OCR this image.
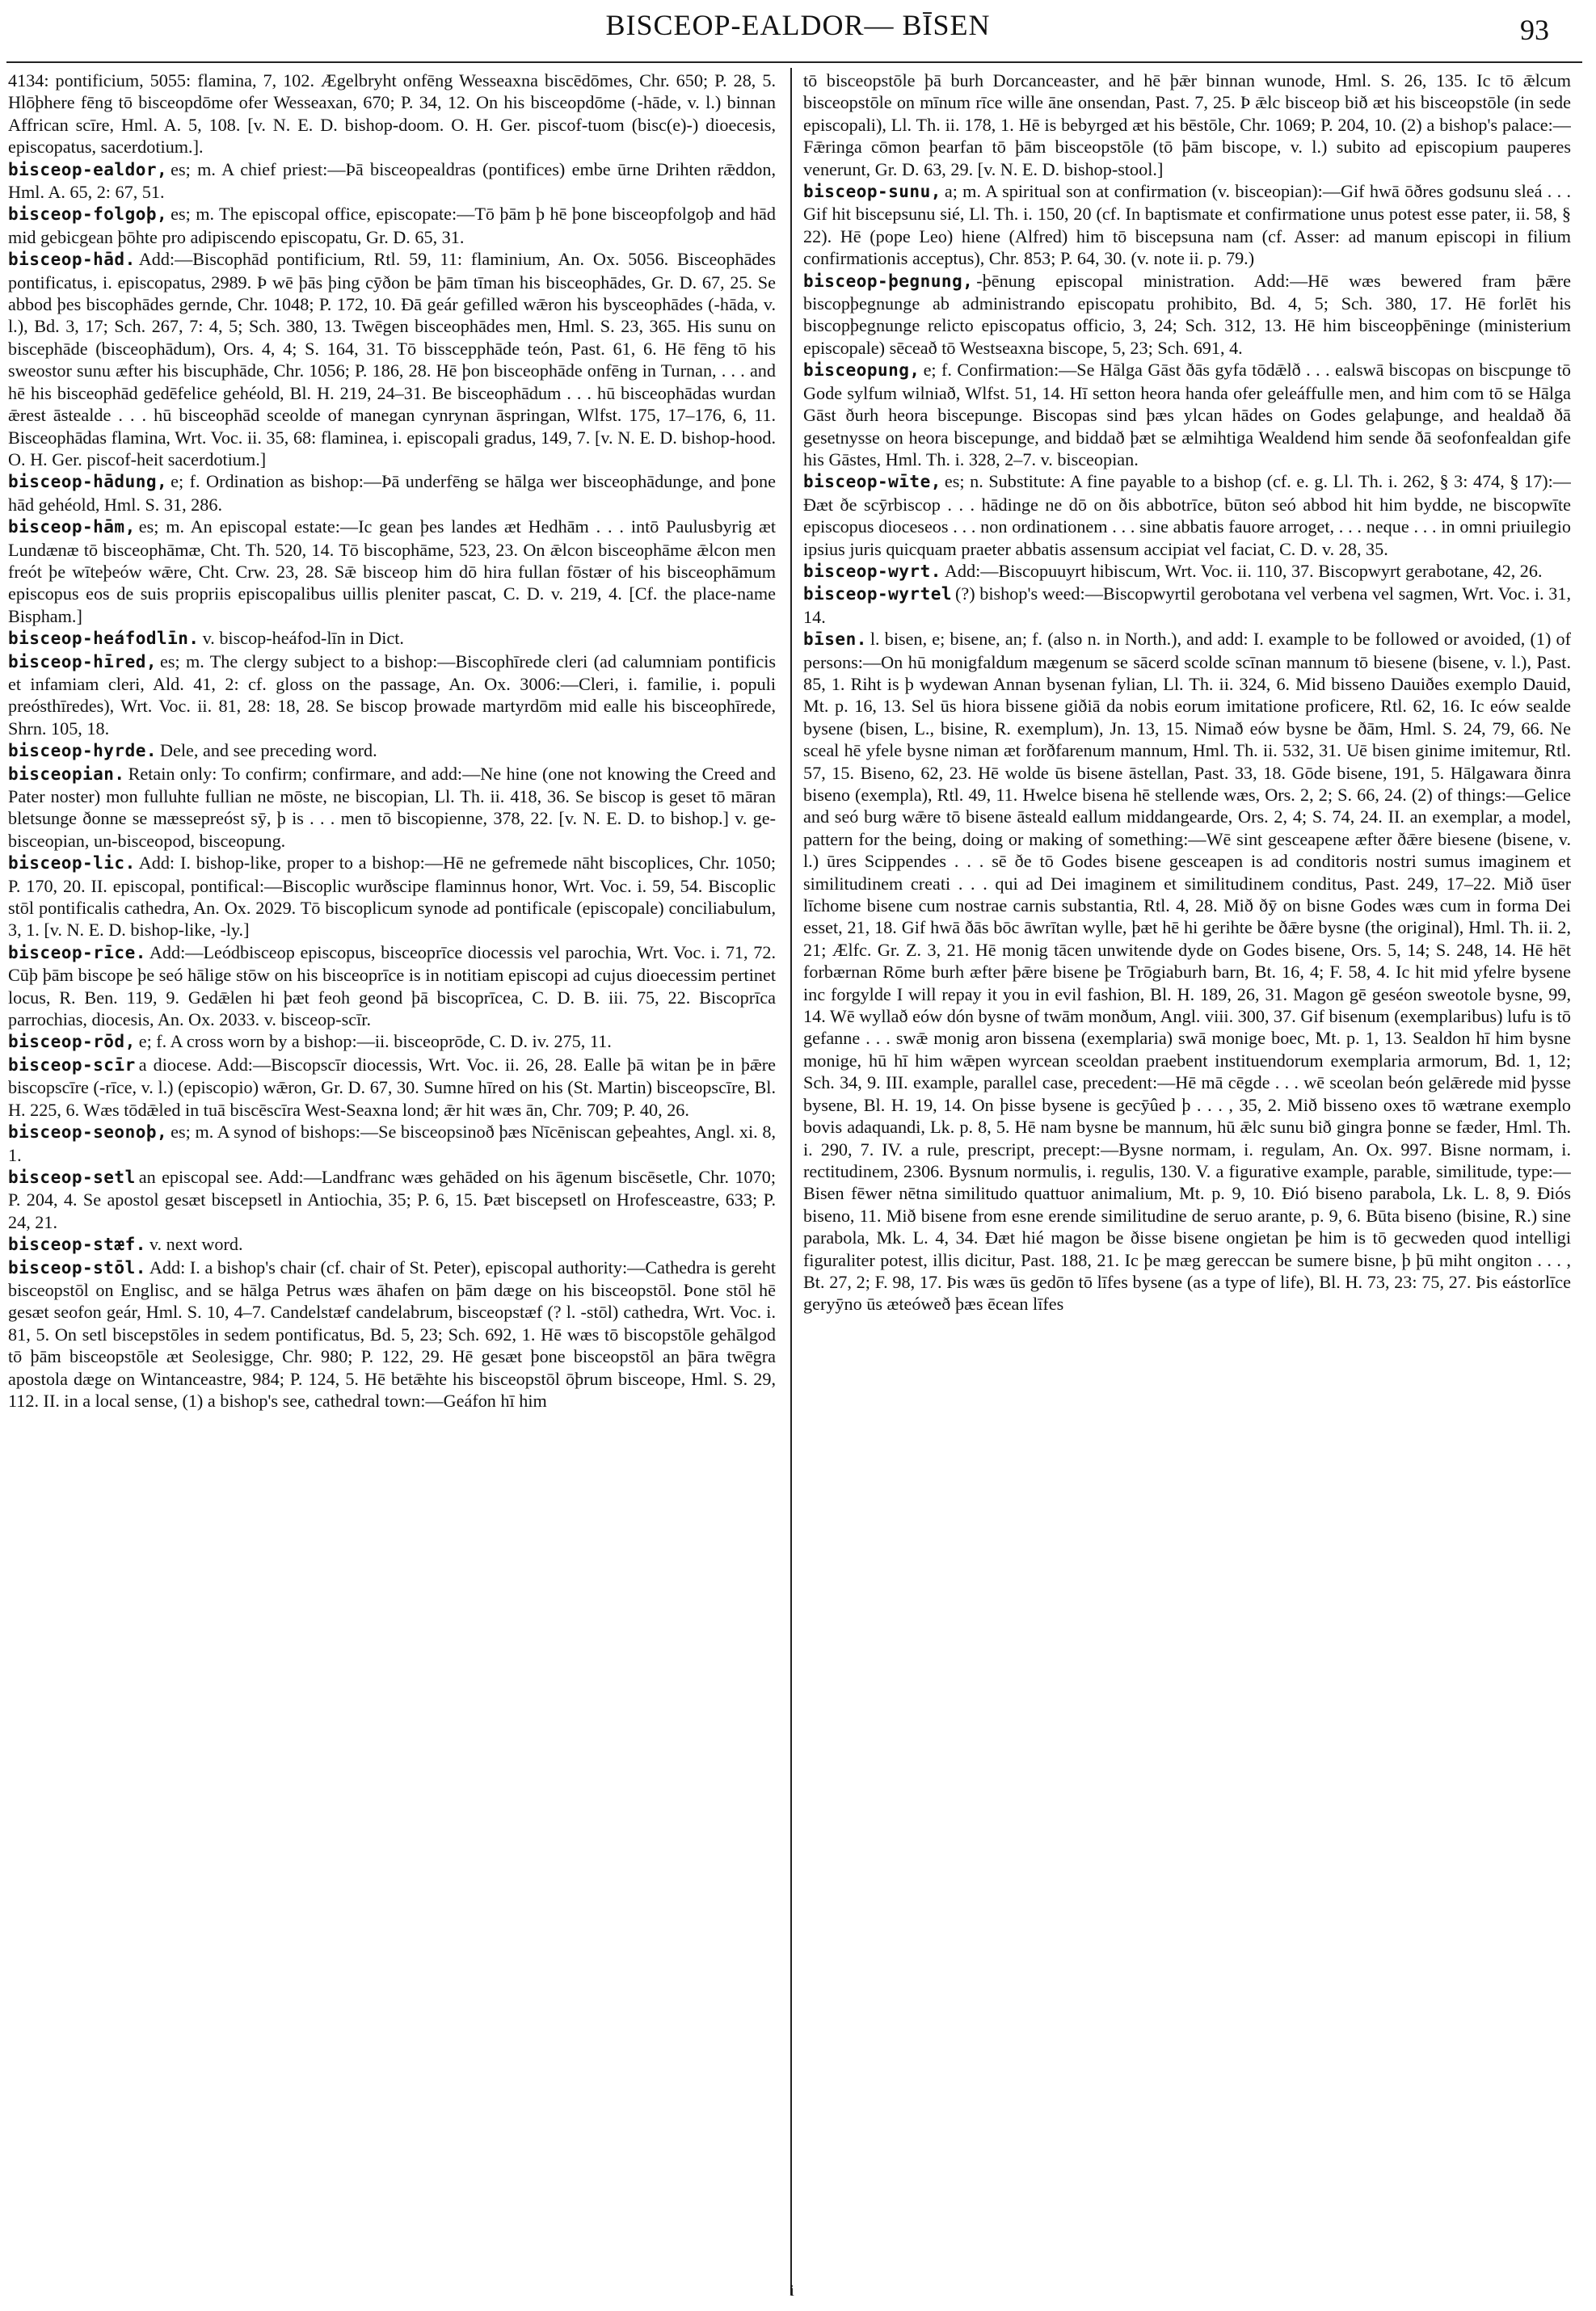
BISCEOP-EALDOR— BĪSEN	93

4134: pontificium, 5055: flamina, 7, 102. Ægelbryht onfēng Wesseaxna biscēdōmes, Chr. 650; P. 28, 5. Hlōþhere fēng tō bisceopdōme ofer Wesseaxan, 670; P. 34, 12. On his bisceopdōme (-hāde, v. l.) binnan Affrican scīre, Hml. A. 5, 108. [v. N. E. D. bishop-doom. O. H. Ger. piscof-tuom (bisc(e)-) dioecesis, episcopatus, sacerdotium.].

bisceop-ealdor, es; m. A chief priest:—Þā bisceopealdras (pontifices) embe ūrne Drihten rǣddon, Hml. A. 65, 2: 67, 51.

bisceop-folgoþ, es; m. The episcopal office, episcopate:—Tō þām þ hē þone bisceopfolgoþ and hād mid gebicgean þōhte pro adipiscendo episcopatu, Gr. D. 65, 31.

bisceop-hād. Add:—Biscophād pontificium, Rtl. 59, 11: flaminium, An. Ox. 5056. Bisceophādes pontificatus, i. episcopatus, 2989. Þ wē þās þing cȳðon be þām tīman his bisceophādes, Gr. D. 67, 25. Se abbod þes biscophādes gernde, Chr. 1048; P. 172, 10. Ðā geár gefilled wǣron his bysceophādes (-hāda, v. l.), Bd. 3, 17; Sch. 267, 7: 4, 5; Sch. 380, 13. Twēgen bisceophādes men, Hml. S. 23, 365. His sunu on biscephāde (bisceophādum), Ors. 4, 4; S. 164, 31. Tō bisscepphāde teón, Past. 61, 6. Hē fēng tō his sweostor sunu æfter his biscuphāde, Chr. 1056; P. 186, 28. Hē þon bisceophāde onfēng in Turnan, . . . and hē his bisceophād gedēfelice gehéold, Bl. H. 219, 24–31. Be bisceophādum . . . hū bisceophādas wurdan ǣrest āstealde . . . hū bisceophād sceolde of manegan cynrynan āspringan, Wlfst. 175, 17–176, 6, 11. Bisceophādas flamina, Wrt. Voc. ii. 35, 68: flaminea, i. episcopali gradus, 149, 7. [v. N. E. D. bishop-hood. O. H. Ger. piscof-heit sacerdotium.]

bisceop-hādung, e; f. Ordination as bishop:—Þā underfēng se hālga wer bisceophādunge, and þone hād gehéold, Hml. S. 31, 286.

bisceop-hām, es; m. An episcopal estate:—Ic gean þes landes æt Hedhām . . . intō Paulusbyrig æt Lundænæ tō bisceophāmæ, Cht. Th. 520, 14. Tō biscophāme, 523, 23. On ǣlcon bisceophāme ǣlcon men freót þe wīteþeów wǣre, Cht. Crw. 23, 28. Sǣ bisceop him dō hira fullan fōstær of his bisceophāmum episcopus eos de suis propriis episcopalibus uillis pleniter pascat, C. D. v. 219, 4. [Cf. the place-name Bispham.]

bisceop-heáfodlīn. v. biscop-heáfod-līn in Dict.

bisceop-hīred, es; m. The clergy subject to a bishop:—Biscophīrede cleri (ad calumniam pontificis et infamiam cleri, Ald. 41, 2: cf. gloss on the passage, An. Ox. 3006:—Cleri, i. familie, i. populi preósthīredes), Wrt. Voc. ii. 81, 28: 18, 28. Se biscop þrowade martyrdōm mid ealle his bisceophīrede, Shrn. 105, 18.

bisceop-hyrde. Dele, and see preceding word.

bisceopian. Retain only: To confirm; confirmare, and add:—Ne hine (one not knowing the Creed and Pater noster) mon fulluhte fullian ne mōste, ne biscopian, Ll. Th. ii. 418, 36. Se biscop is geset tō māran bletsunge ðonne se mæssepreóst sȳ, þ is . . . men tō biscopienne, 378, 22. [v. N. E. D. to bishop.] v. ge-bisceopian, un-bisceopod, bisceopung.

bisceop-lic. Add: I. bishop-like, proper to a bishop:—Hē ne gefremede nāht biscoplices, Chr. 1050; P. 170, 20. II. episcopal, pontifical:—Biscoplic wurðscipe flaminnus honor, Wrt. Voc. i. 59, 54. Biscoplic stōl pontificalis cathedra, An. Ox. 2029. Tō biscoplicum synode ad pontificale (episcopale) conciliabulum, 3, 1. [v. N. E. D. bishop-like, -ly.]

bisceop-rīce. Add:—Leódbisceop episcopus, bisceoprīce diocessis vel parochia, Wrt. Voc. i. 71, 72. Cūþ þām biscope þe seó hālige stōw on his bisceoprīce is in notitiam episcopi ad cujus dioecessim pertinet locus, R. Ben. 119, 9. Gedǣlen hi þæt feoh geond þā biscoprīcea, C. D. B. iii. 75, 22. Biscoprīca parrochias, diocesis, An. Ox. 2033. v. bisceop-scīr.

bisceop-rōd, e; f. A cross worn by a bishop:—ii. bisceoprōde, C. D. iv. 275, 11.

bisceop-scīr a diocese. Add:—Biscopscīr diocessis, Wrt. Voc. ii. 26, 28. Ealle þā witan þe in þǣre biscopscīre (-rīce, v. l.) (episcopio) wǣron, Gr. D. 67, 30. Sumne hīred on his (St. Martin) bisceopscīre, Bl. H. 225, 6. Wæs tōdǣled in tuā biscēscīra West-Seaxna lond; ǣr hit wæs ān, Chr. 709; P. 40, 26.

bisceop-seonoþ, es; m. A synod of bishops:—Se bisceopsinoð þæs Nīcēniscan geþeahtes, Angl. xi. 8, 1.

bisceop-setl an episcopal see. Add:—Landfranc wæs gehāded on his āgenum biscēsetle, Chr. 1070; P. 204, 4. Se apostol gesæt biscepsetl in Antiochia, 35; P. 6, 15. Þæt biscepsetl on Hrofesceastre, 633; P. 24, 21.

bisceop-stæf. v. next word.

bisceop-stōl. Add: I. a bishop's chair (cf. chair of St. Peter), episcopal authority:—Cathedra is gereht bisceopstōl on Englisc, and se hālga Petrus wæs āhafen on þām dæge on his bisceopstōl. Þone stōl hē gesæt seofon geár, Hml. S. 10, 4–7. Candelstæf candelabrum, bisceopstæf (? l. -stōl) cathedra, Wrt. Voc. i. 81, 5. On setl biscepstōles in sedem pontificatus, Bd. 5, 23; Sch. 692, 1. Hē wæs tō biscopstōle gehālgod tō þām bisceopstōle æt Seolesigge, Chr. 980; P. 122, 29. Hē gesæt þone bisceopstōl an þāra twēgra apostola dæge on Wintanceastre, 984; P. 124, 5. Hē betǣhte his bisceopstōl ōþrum bisceope, Hml. S. 29, 112. II. in a local sense, (1) a bishop's see, cathedral town:—Geáfon hī him

tō bisceopstōle þā burh Dorcanceaster, and hē þǣr binnan wunode, Hml. S. 26, 135. Ic tō ǣlcum bisceopstōle on mīnum rīce wille āne onsendan, Past. 7, 25. Þ ǣlc bisceop bið æt his bisceopstōle (in sede episcopali), Ll. Th. ii. 178, 1. Hē is bebyrged æt his bēstōle, Chr. 1069; P. 204, 10. (2) a bishop's palace:—Fǣringa cōmon þearfan tō þām bisceopstōle (tō þām biscope, v. l.) subito ad episcopium pauperes venerunt, Gr. D. 63, 29. [v. N. E. D. bishop-stool.]

bisceop-sunu, a; m. A spiritual son at confirmation (v. bisceopian):—Gif hwā ōðres godsunu sleá . . . Gif hit biscepsunu sié, Ll. Th. i. 150, 20 (cf. In baptismate et confirmatione unus potest esse pater, ii. 58, § 22). Hē (pope Leo) hiene (Alfred) him tō biscepsuna nam (cf. Asser: ad manum episcopi in filium confirmationis acceptus), Chr. 853; P. 64, 30. (v. note ii. p. 79.)

bisceop-þegnung, -þēnung episcopal ministration. Add:—Hē wæs bewered fram þǣre biscopþegnunge ab administrando episcopatu prohibito, Bd. 4, 5; Sch. 380, 17. Hē forlēt his biscopþegnunge relicto episcopatus officio, 3, 24; Sch. 312, 13. Hē him bisceopþēninge (ministerium episcopale) sēceað tō Westseaxna biscope, 5, 23; Sch. 691, 4.

bisceopung, e; f. Confirmation:—Se Hālga Gāst ðās gyfa tōdǣlð . . . ealswā biscopas on biscpunge tō Gode sylfum wilniað, Wlfst. 51, 14. Hī setton heora handa ofer geleáffulle men, and him com tō se Hālga Gāst ðurh heora biscepunge. Biscopas sind þæs ylcan hādes on Godes gelaþunge, and healdað ðā gesetnysse on heora biscepunge, and biddað þæt se ælmihtiga Wealdend him sende ðā seofonfealdan gife his Gāstes, Hml. Th. i. 328, 2–7. v. bisceopian.

bisceop-wīte, es; n. Substitute: A fine payable to a bishop (cf. e. g. Ll. Th. i. 262, § 3: 474, § 17):—Ðæt ðe scȳrbiscop . . . hādinge ne dō on ðis abbotrīce, būton seó abbod hit him bydde, ne biscopwīte episcopus dioceseos . . . non ordinationem . . . sine abbatis fauore arroget, . . . neque . . . in omni priuilegio ipsius juris quicquam praeter abbatis assensum accipiat vel faciat, C. D. v. 28, 35.

bisceop-wyrt. Add:—Biscopuuyrt hibiscum, Wrt. Voc. ii. 110, 37. Biscopwyrt gerabotane, 42, 26.

bisceop-wyrtel (?) bishop's weed:—Biscopwyrtil gerobotana vel verbena vel sagmen, Wrt. Voc. i. 31, 14.

bīsen. l. bisen, e; bisene, an; f. (also n. in North.), and add: I. example to be followed or avoided, (1) of persons:—On hū monigfaldum mægenum se sācerd scolde scīnan mannum tō biesene (bisene, v. l.), Past. 85, 1. Riht is þ wydewan Annan bysenan fylian, Ll. Th. ii. 324, 6. Mid bisseno Dauiðes exemplo Dauid, Mt. p. 16, 13. Sel ūs hiora bissene giðiā da nobis eorum imitatione proficere, Rtl. 62, 16. Ic eów sealde bysene (bisen, L., bisine, R. exemplum), Jn. 13, 15. Nimað eów bysne be ðām, Hml. S. 24, 79, 66. Ne sceal hē yfele bysne niman æt forðfarenum mannum, Hml. Th. ii. 532, 31. Uē bisen ginime imitemur, Rtl. 57, 15. Biseno, 62, 23. Hē wolde ūs bisene āstellan, Past. 33, 18. Gōde bisene, 191, 5. Hālgawara ðinra biseno (exempla), Rtl. 49, 11. Hwelce bisena hē stellende wæs, Ors. 2, 2; S. 66, 24. (2) of things:—Gelice and seó burg wǣre tō bisene āsteald eallum middangearde, Ors. 2, 4; S. 74, 24. II. an exemplar, a model, pattern for the being, doing or making of something:—Wē sint gesceapene æfter ðǣre biesene (bisene, v. l.) ūres Scippendes . . . sē ðe tō Godes bisene gesceapen is ad conditoris nostri sumus imaginem et similitudinem creati . . . qui ad Dei imaginem et similitudinem conditus, Past. 249, 17–22. Mið ūser līchome bisene cum nostrae carnis substantia, Rtl. 4, 28. Mið ðȳ on bisne Godes wæs cum in forma Dei esset, 21, 18. Gif hwā ðās bōc āwrītan wylle, þæt hē hi gerihte be ðǣre bysne (the original), Hml. Th. ii. 2, 21; Ælfc. Gr. Z. 3, 21. Hē monig tācen unwitende dyde on Godes bisene, Ors. 5, 14; S. 248, 14. Hē hēt forbærnan Rōme burh æfter þǣre bisene þe Trōgiaburh barn, Bt. 16, 4; F. 58, 4. Ic hit mid yfelre bysene inc forgylde I will repay it you in evil fashion, Bl. H. 189, 26, 31. Magon gē geséon sweotole bysne, 99, 14. Wē wyllað eów dón bysne of twām monðum, Angl. viii. 300, 37. Gif bisenum (exemplaribus) lufu is tō gefanne . . . swǣ monig aron bissena (exemplaria) swā monige boec, Mt. p. 1, 13. Sealdon hī him bysne monige, hū hī him wǣpen wyrcean sceoldan praebent instituendorum exemplaria armorum, Bd. 1, 12; Sch. 34, 9. III. example, parallel case, precedent:—Hē mā cēgde . . . wē sceolan beón gelǣrede mid þysse bysene, Bl. H. 19, 14. On þisse bysene is gecȳûed þ . . . , 35, 2. Mið bisseno oxes tō wætrane exemplo bovis adaquandi, Lk. p. 8, 5. Hē nam bysne be mannum, hū ǣlc sunu bið gingra þonne se fæder, Hml. Th. i. 290, 7. IV. a rule, prescript, precept:—Bysne normam, i. regulam, An. Ox. 997. Bisne normam, i. rectitudinem, 2306. Bysnum normulis, i. regulis, 130. V. a figurative example, parable, similitude, type:—Bisen fēwer nētna similitudo quattuor animalium, Mt. p. 9, 10. Ðió biseno parabola, Lk. L. 8, 9. Ðiós biseno, 11. Mið bisene from esne erende similitudine de seruo arante, p. 9, 6. Būta biseno (bisine, R.) sine parabola, Mk. L. 4, 34. Ðæt hié magon be ðisse bisene ongietan þe him is tō gecweden quod intelligi figuraliter potest, illis dicitur, Past. 188, 21. Ic þe mæg gereccan be sumere bisne, þ þū miht ongiton . . . , Bt. 27, 2; F. 98, 17. Þis wæs ūs gedōn tō līfes bysene (as a type of life), Bl. H. 73, 23: 75, 27. Þis eástorlīce geryȳno ūs æteóweð þæs ēcean līfes

i
